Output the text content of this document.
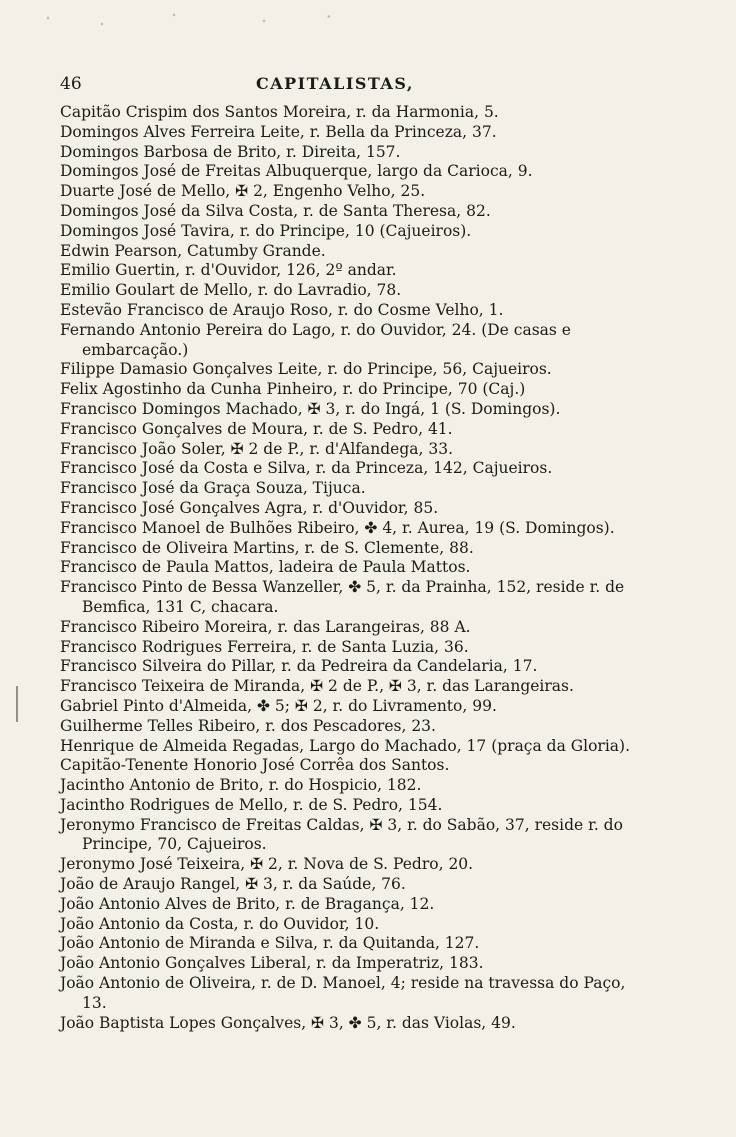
46	CAPITALISTAS,
Capitão Crispim dos Santos Moreira, r. da Harmonia, 5.
Domingos Alves Ferreira Leite, r. Bella da Princeza, 37.
Domingos Barbosa de Brito, r. Direita, 157.
Domingos José de Freitas Albuquerque, largo da Carioca, 9.
Duarte José de Mello, ✠ 2, Engenho Velho, 25.
Domingos José da Silva Costa, r. de Santa Theresa, 82.
Domingos José Tavira, r. do Principe, 10 (Cajueiros).
Edwin Pearson, Catumby Grande.
Emilio Guertin, r. d'Ouvidor, 126, 2º andar.
Emilio Goulart de Mello, r. do Lavradio, 78.
Estevão Francisco de Araujo Roso, r. do Cosme Velho, 1.
Fernando Antonio Pereira do Lago, r. do Ouvidor, 24. (De casas e embarcação.)
Filippe Damasio Gonçalves Leite, r. do Principe, 56, Cajueiros.
Felix Agostinho da Cunha Pinheiro, r. do Principe, 70 (Caj.)
Francisco Domingos Machado, ✠ 3, r. do Ingá, 1 (S. Domingos).
Francisco Gonçalves de Moura, r. de S. Pedro, 41.
Francisco João Soler, ✠ 2 de P., r. d'Alfandega, 33.
Francisco José da Costa e Silva, r. da Princeza, 142, Cajueiros.
Francisco José da Graça Souza, Tijuca.
Francisco José Gonçalves Agra, r. d'Ouvidor, 85.
Francisco Manoel de Bulhões Ribeiro, ✤ 4, r. Aurea, 19 (S. Domingos).
Francisco de Oliveira Martins, r. de S. Clemente, 88.
Francisco de Paula Mattos, ladeira de Paula Mattos.
Francisco Pinto de Bessa Wanzeller, ✤ 5, r. da Prainha, 152, reside r. de Bemfica, 131 C, chacara.
Francisco Ribeiro Moreira, r. das Larangeiras, 88 A.
Francisco Rodrigues Ferreira, r. de Santa Luzia, 36.
Francisco Silveira do Pillar, r. da Pedreira da Candelaria, 17.
Francisco Teixeira de Miranda, ✠ 2 de P., ✠ 3, r. das Larangeiras.
Gabriel Pinto d'Almeida, ✤ 5; ✠ 2, r. do Livramento, 99.
Guilherme Telles Ribeiro, r. dos Pescadores, 23.
Henrique de Almeida Regadas, Largo do Machado, 17 (praça da Gloria).
Capitão-Tenente Honorio José Corrêa dos Santos.
Jacintho Antonio de Brito, r. do Hospicio, 182.
Jacintho Rodrigues de Mello, r. de S. Pedro, 154.
Jeronymo Francisco de Freitas Caldas, ✠ 3, r. do Sabão, 37, reside r. do Principe, 70, Cajueiros.
Jeronymo José Teixeira, ✠ 2, r. Nova de S. Pedro, 20.
João de Araujo Rangel, ✠ 3, r. da Saúde, 76.
João Antonio Alves de Brito, r. de Bragança, 12.
João Antonio da Costa, r. do Ouvidor, 10.
João Antonio de Miranda e Silva, r. da Quitanda, 127.
João Antonio Gonçalves Liberal, r. da Imperatriz, 183.
João Antonio de Oliveira, r. de D. Manoel, 4; reside na travessa do Paço, 13.
João Baptista Lopes Gonçalves, ✠ 3, ✤ 5, r. das Violas, 49.
